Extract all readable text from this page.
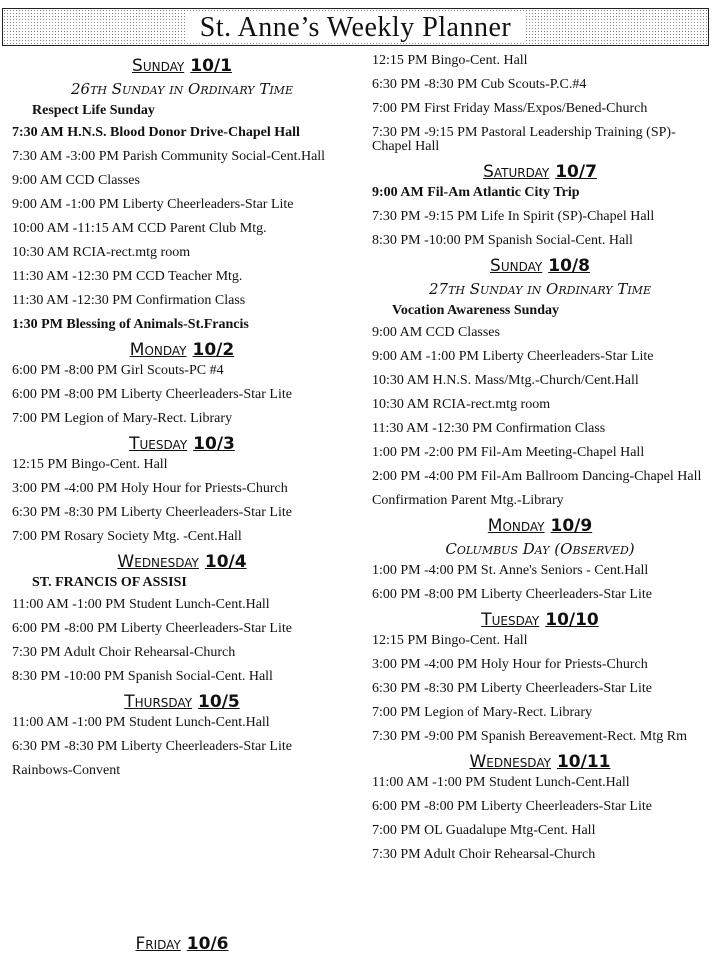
St. Anne’s Weekly Planner
Sunday 10/1
26th Sunday in Ordinary Time
Respect Life Sunday
7:30 AM H.N.S. Blood Donor Drive-Chapel Hall
7:30 AM -3:00 PM Parish Community Social-Cent.Hall
9:00 AM CCD Classes
9:00 AM -1:00 PM Liberty Cheerleaders-Star Lite
10:00 AM -11:15 AM CCD Parent Club Mtg.
10:30 AM RCIA-rect.mtg room
11:30 AM -12:30 PM CCD Teacher Mtg.
11:30 AM -12:30 PM Confirmation Class
1:30 PM Blessing of Animals-St.Francis
Monday 10/2
6:00 PM -8:00 PM Girl Scouts-PC #4
6:00 PM -8:00 PM Liberty Cheerleaders-Star Lite
7:00 PM Legion of Mary-Rect. Library
Tuesday 10/3
12:15 PM Bingo-Cent. Hall
3:00 PM -4:00 PM Holy Hour for Priests-Church
6:30 PM -8:30 PM Liberty Cheerleaders-Star Lite
7:00 PM Rosary Society Mtg. -Cent.Hall
Wednesday 10/4
ST. FRANCIS OF ASSISI
11:00 AM -1:00 PM Student Lunch-Cent.Hall
6:00 PM -8:00 PM Liberty Cheerleaders-Star Lite
7:30 PM Adult Choir Rehearsal-Church
8:30 PM -10:00 PM Spanish Social-Cent. Hall
Thursday 10/5
11:00 AM -1:00 PM Student Lunch-Cent.Hall
6:30 PM -8:30 PM Liberty Cheerleaders-Star Lite
Rainbows-Convent
12:15 PM Bingo-Cent. Hall
6:30 PM -8:30 PM Cub Scouts-P.C.#4
7:00 PM First Friday Mass/Expos/Bened-Church
7:30 PM -9:15 PM Pastoral Leadership Training (SP)- Chapel Hall
Saturday 10/7
9:00 AM Fil-Am Atlantic City Trip
7:30 PM -9:15 PM Life In Spirit (SP)-Chapel Hall
8:30 PM -10:00 PM Spanish Social-Cent. Hall
Sunday 10/8
27th Sunday in Ordinary Time
Vocation Awareness Sunday
9:00 AM CCD Classes
9:00 AM -1:00 PM Liberty Cheerleaders-Star Lite
10:30 AM H.N.S. Mass/Mtg.-Church/Cent.Hall
10:30 AM RCIA-rect.mtg room
11:30 AM -12:30 PM Confirmation Class
1:00 PM -2:00 PM Fil-Am Meeting-Chapel Hall
2:00 PM -4:00 PM Fil-Am Ballroom Dancing-Chapel Hall
Confirmation Parent Mtg.-Library
Monday 10/9
Columbus Day (Observed)
1:00 PM -4:00 PM St. Anne's Seniors - Cent.Hall
6:00 PM -8:00 PM Liberty Cheerleaders-Star Lite
Tuesday 10/10
12:15 PM Bingo-Cent. Hall
3:00 PM -4:00 PM Holy Hour for Priests-Church
6:30 PM -8:30 PM Liberty Cheerleaders-Star Lite
7:00 PM Legion of Mary-Rect. Library
7:30 PM -9:00 PM Spanish Bereavement-Rect. Mtg Rm
Wednesday 10/11
11:00 AM -1:00 PM Student Lunch-Cent.Hall
6:00 PM -8:00 PM Liberty Cheerleaders-Star Lite
7:00 PM OL Guadalupe Mtg-Cent. Hall
7:30 PM Adult Choir Rehearsal-Church
Friday 10/6
